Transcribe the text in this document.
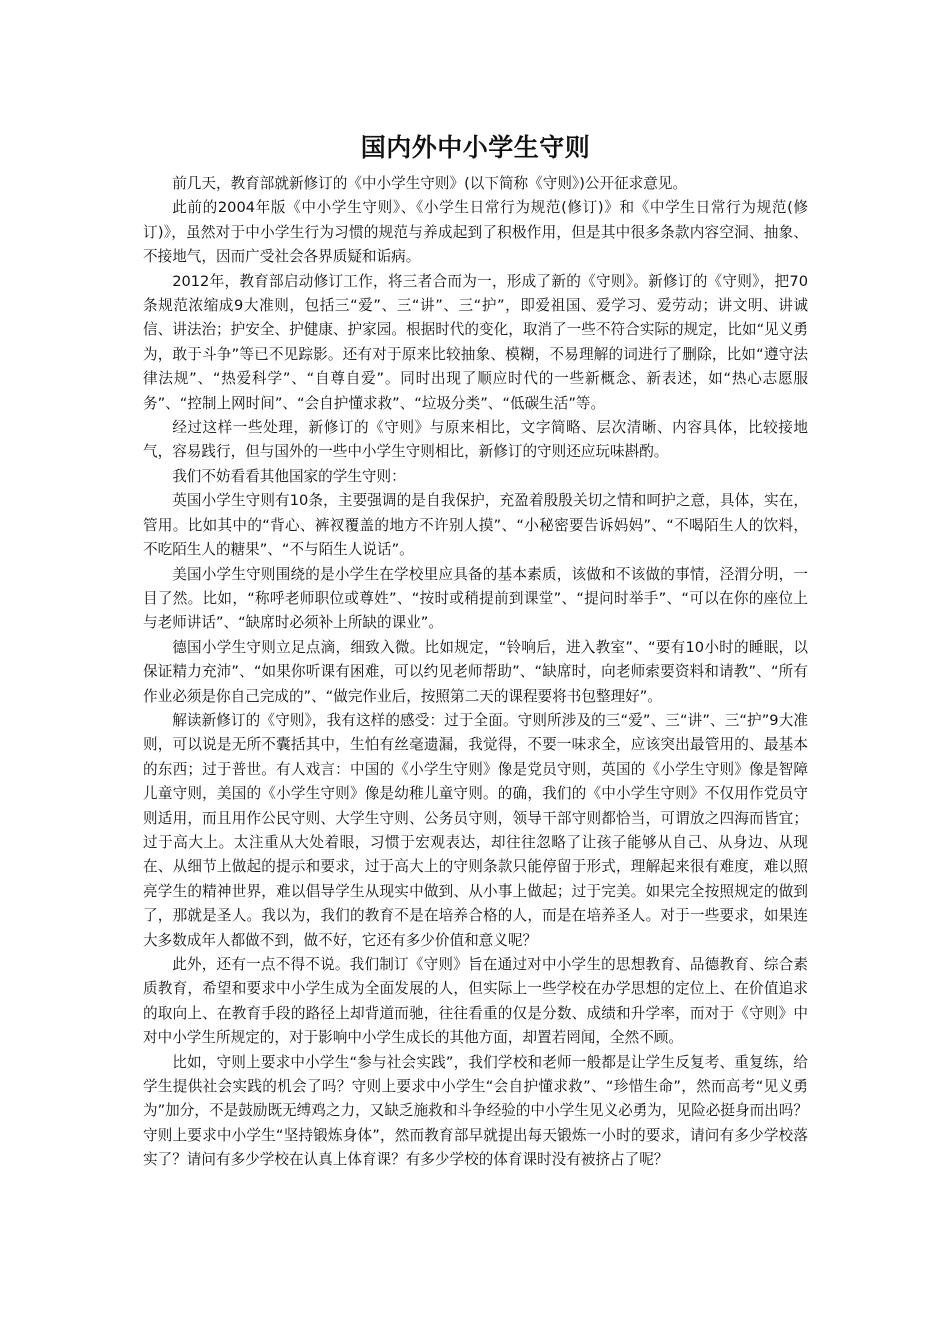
国内外中小学生守则

前几天，教育部就新修订的《中小学生守则》(以下简称《守则》)公开征求意见。

此前的2004年版《中小学生守则》、《小学生日常行为规范(修订)》和《中学生日常行为规范(修订)》，虽然对于中小学生行为习惯的规范与养成起到了积极作用，但是其中很多条款内容空洞、抽象、不接地气，因而广受社会各界质疑和诟病。

2012年，教育部启动修订工作，将三者合而为一，形成了新的《守则》。新修订的《守则》，把70条规范浓缩成9大准则，包括三“爱”、三“讲”、三“护”，即爱祖国、爱学习、爱劳动；讲文明、讲诚信、讲法治；护安全、护健康、护家园。根据时代的变化，取消了一些不符合实际的规定，比如“见义勇为，敢于斗争”等已不见踪影。还有对于原来比较抽象、模糊，不易理解的词进行了删除，比如“遵守法律法规”、“热爱科学”、“自尊自爱”。同时出现了顺应时代的一些新概念、新表述，如“热心志愿服务”、“控制上网时间”、“会自护懂求救”、“垃圾分类”、“低碳生活”等。

经过这样一些处理，新修订的《守则》与原来相比，文字简略、层次清晰、内容具体，比较接地气，容易践行，但与国外的一些中小学生守则相比，新修订的守则还应玩味斟酌。

我们不妨看看其他国家的学生守则：

英国小学生守则有10条，主要强调的是自我保护，充盈着殷殷关切之情和呵护之意，具体，实在，管用。比如其中的“背心、裤衩覆盖的地方不许别人摸”、“小秘密要告诉妈妈”、“不喝陌生人的饮料，不吃陌生人的糖果”、“不与陌生人说话”。

美国小学生守则围绕的是小学生在学校里应具备的基本素质，该做和不该做的事情，泾渭分明，一目了然。比如，“称呼老师职位或尊姓”、“按时或稍提前到课堂”、“提问时举手”、“可以在你的座位上与老师讲话”、“缺席时必须补上所缺的课业”。

德国小学生守则立足点滴，细致入微。比如规定，“铃响后，进入教室”、“要有10小时的睡眠，以保证精力充沛”、“如果你听课有困难，可以约见老师帮助”、“缺席时，向老师索要资料和请教”、“所有作业必须是你自己完成的”、“做完作业后，按照第二天的课程要将书包整理好”。

解读新修订的《守则》，我有这样的感受：过于全面。守则所涉及的三“爱”、三“讲”、三“护”9大准则，可以说是无所不囊括其中，生怕有丝毫遗漏，我觉得，不要一味求全，应该突出最管用的、最基本的东西；过于普世。有人戏言：中国的《小学生守则》像是党员守则，英国的《小学生守则》像是智障儿童守则，美国的《小学生守则》像是幼稚儿童守则。的确，我们的《中小学生守则》不仅用作党员守则适用，而且用作公民守则、大学生守则、公务员守则，领导干部守则都恰当，可谓放之四海而皆宜；过于高大上。太注重从大处着眼，习惯于宏观表达，却往往忽略了让孩子能够从自己、从身边、从现在、从细节上做起的提示和要求，过于高大上的守则条款只能停留于形式，理解起来很有难度，难以照亮学生的精神世界，难以倡导学生从现实中做到、从小事上做起；过于完美。如果完全按照规定的做到了，那就是圣人。我以为，我们的教育不是在培养合格的人，而是在培养圣人。对于一些要求，如果连大多数成年人都做不到，做不好，它还有多少价值和意义呢？

此外，还有一点不得不说。我们制订《守则》旨在通过对中小学生的思想教育、品德教育、综合素质教育，希望和要求中小学生成为全面发展的人，但实际上一些学校在办学思想的定位上、在价值追求的取向上、在教育手段的路径上却背道而驰，往往看重的仅是分数、成绩和升学率，而对于《守则》中对中小学生所规定的，对于影响中小学生成长的其他方面，却置若罔闻，全然不顾。

比如，守则上要求中小学生“参与社会实践”，我们学校和老师一般都是让学生反复考、重复练，给学生提供社会实践的机会了吗？守则上要求中小学生“会自护懂求救”、“珍惜生命”，然而高考“见义勇为”加分，不是鼓励既无缚鸡之力，又缺乏施救和斗争经验的中小学生见义必勇为，见险必挺身而出吗？守则上要求中小学生“坚持锻炼身体”，然而教育部早就提出每天锻炼一小时的要求，请问有多少学校落实了？请问有多少学校在认真上体育课？有多少学校的体育课时没有被挤占了呢？
